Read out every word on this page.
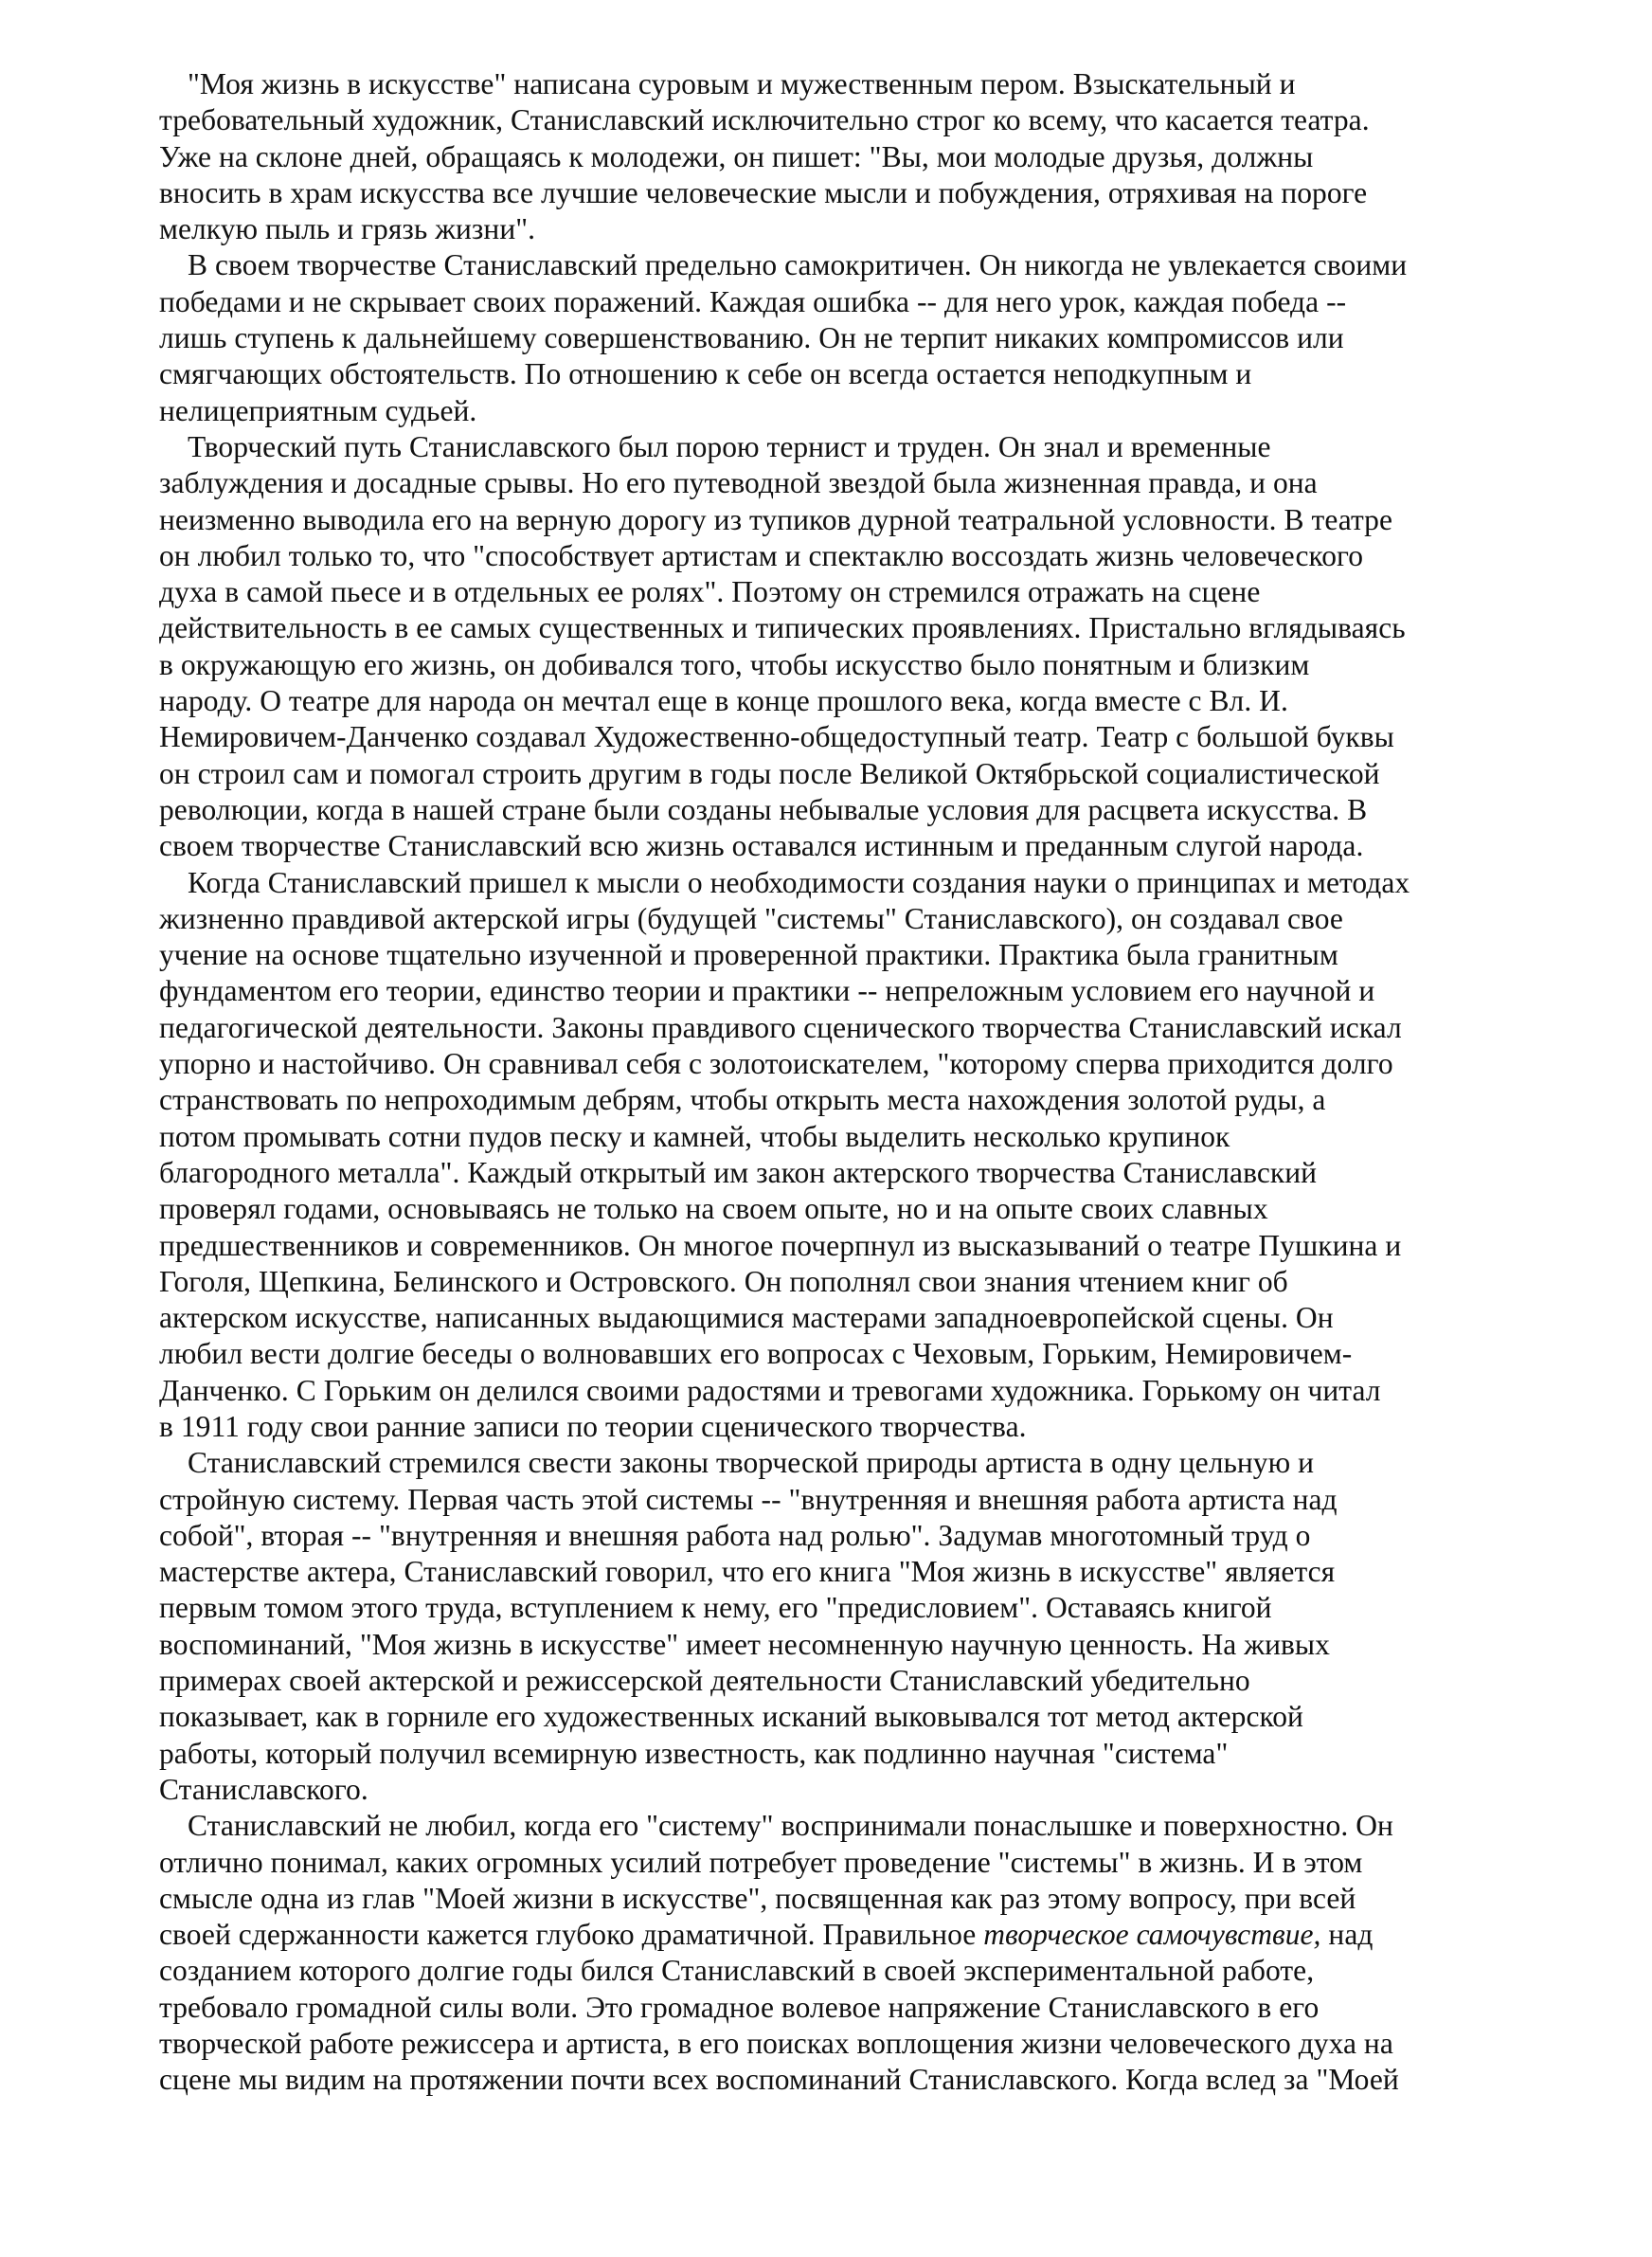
"Моя жизнь в искусстве" написана суровым и мужественным пером. Взыскательный и
требовательный художник, Станиславский исключительно строг ко всему, что касается театра.
Уже на склоне дней, обращаясь к молодежи, он пишет: "Вы, мои молодые друзья, должны
вносить в храм искусства все лучшие человеческие мысли и побуждения, отряхивая на пороге
мелкую пыль и грязь жизни".

В своем творчестве Станиславский предельно самокритичен. Он никогда не увлекается своими
победами и не скрывает своих поражений. Каждая ошибка -- для него урок, каждая победа --
лишь ступень к дальнейшему совершенствованию. Он не терпит никаких компромиссов или
смягчающих обстоятельств. По отношению к себе он всегда остается неподкупным и
нелицеприятным судьей.

Творческий путь Станиславского был порою тернист и труден. Он знал и временные
заблуждения и досадные срывы. Но его путеводной звездой была жизненная правда, и она
неизменно выводила его на верную дорогу из тупиков дурной театральной условности. В театре
он любил только то, что "способствует артистам и спектаклю воссоздать жизнь человеческого
духа в самой пьесе и в отдельных ее ролях". Поэтому он стремился отражать на сцене
действительность в ее самых существенных и типических проявлениях. Пристально вглядываясь
в окружающую его жизнь, он добивался того, чтобы искусство было понятным и близким
народу. О театре для народа он мечтал еще в конце прошлого века, когда вместе с Вл. И.
Немировичем-Данченко создавал Художественно-общедоступный театр. Театр с большой буквы
он строил сам и помогал строить другим в годы после Великой Октябрьской социалистической
революции, когда в нашей стране были созданы небывалые условия для расцвета искусства. В
своем творчестве Станиславский всю жизнь оставался истинным и преданным слугой народа.

Когда Станиславский пришел к мысли о необходимости создания науки о принципах и методах
жизненно правдивой актерской игры (будущей "системы" Станиславского), он создавал свое
учение на основе тщательно изученной и проверенной практики. Практика была гранитным
фундаментом его теории, единство теории и практики -- непреложным условием его научной и
педагогической деятельности. Законы правдивого сценического творчества Станиславский искал
упорно и настойчиво. Он сравнивал себя с золотоискателем, "которому сперва приходится долго
странствовать по непроходимым дебрям, чтобы открыть места нахождения золотой руды, а
потом промывать сотни пудов песку и камней, чтобы выделить несколько крупинок
благородного металла". Каждый открытый им закон актерского творчества Станиславский
проверял годами, основываясь не только на своем опыте, но и на опыте своих славных
предшественников и современников. Он многое почерпнул из высказываний о театре Пушкина и
Гоголя, Щепкина, Белинского и Островского. Он пополнял свои знания чтением книг об
актерском искусстве, написанных выдающимися мастерами западноевропейской сцены. Он
любил вести долгие беседы о волновавших его вопросах с Чеховым, Горьким, Немировичем-
Данченко. С Горьким он делился своими радостями и тревогами художника. Горькому он читал
в 1911 году свои ранние записи по теории сценического творчества.

Станиславский стремился свести законы творческой природы артиста в одну цельную и
стройную систему. Первая часть этой системы -- "внутренняя и внешняя работа артиста над
собой", вторая -- "внутренняя и внешняя работа над ролью". Задумав многотомный труд о
мастерстве актера, Станиславский говорил, что его книга "Моя жизнь в искусстве" является
первым томом этого труда, вступлением к нему, его "предисловием". Оставаясь книгой
воспоминаний, "Моя жизнь в искусстве" имеет несомненную научную ценность. На живых
примерах своей актерской и режиссерской деятельности Станиславский убедительно
показывает, как в горниле его художественных исканий выковывался тот метод актерской
работы, который получил всемирную известность, как подлинно научная "система"
Станиславского.

Станиславский не любил, когда его "систему" воспринимали понаслышке и поверхностно. Он
отлично понимал, каких огромных усилий потребует проведение "системы" в жизнь. И в этом
смысле одна из глав "Моей жизни в искусстве", посвященная как раз этому вопросу, при всей
своей сдержанности кажется глубоко драматичной. Правильное творческое самочувствие, над
созданием которого долгие годы бился Станиславский в своей экспериментальной работе,
требовало громадной силы воли. Это громадное волевое напряжение Станиславского в его
творческой работе режиссера и артиста, в его поисках воплощения жизни человеческого духа на
сцене мы видим на протяжении почти всех воспоминаний Станиславского. Когда вслед за "Моей
